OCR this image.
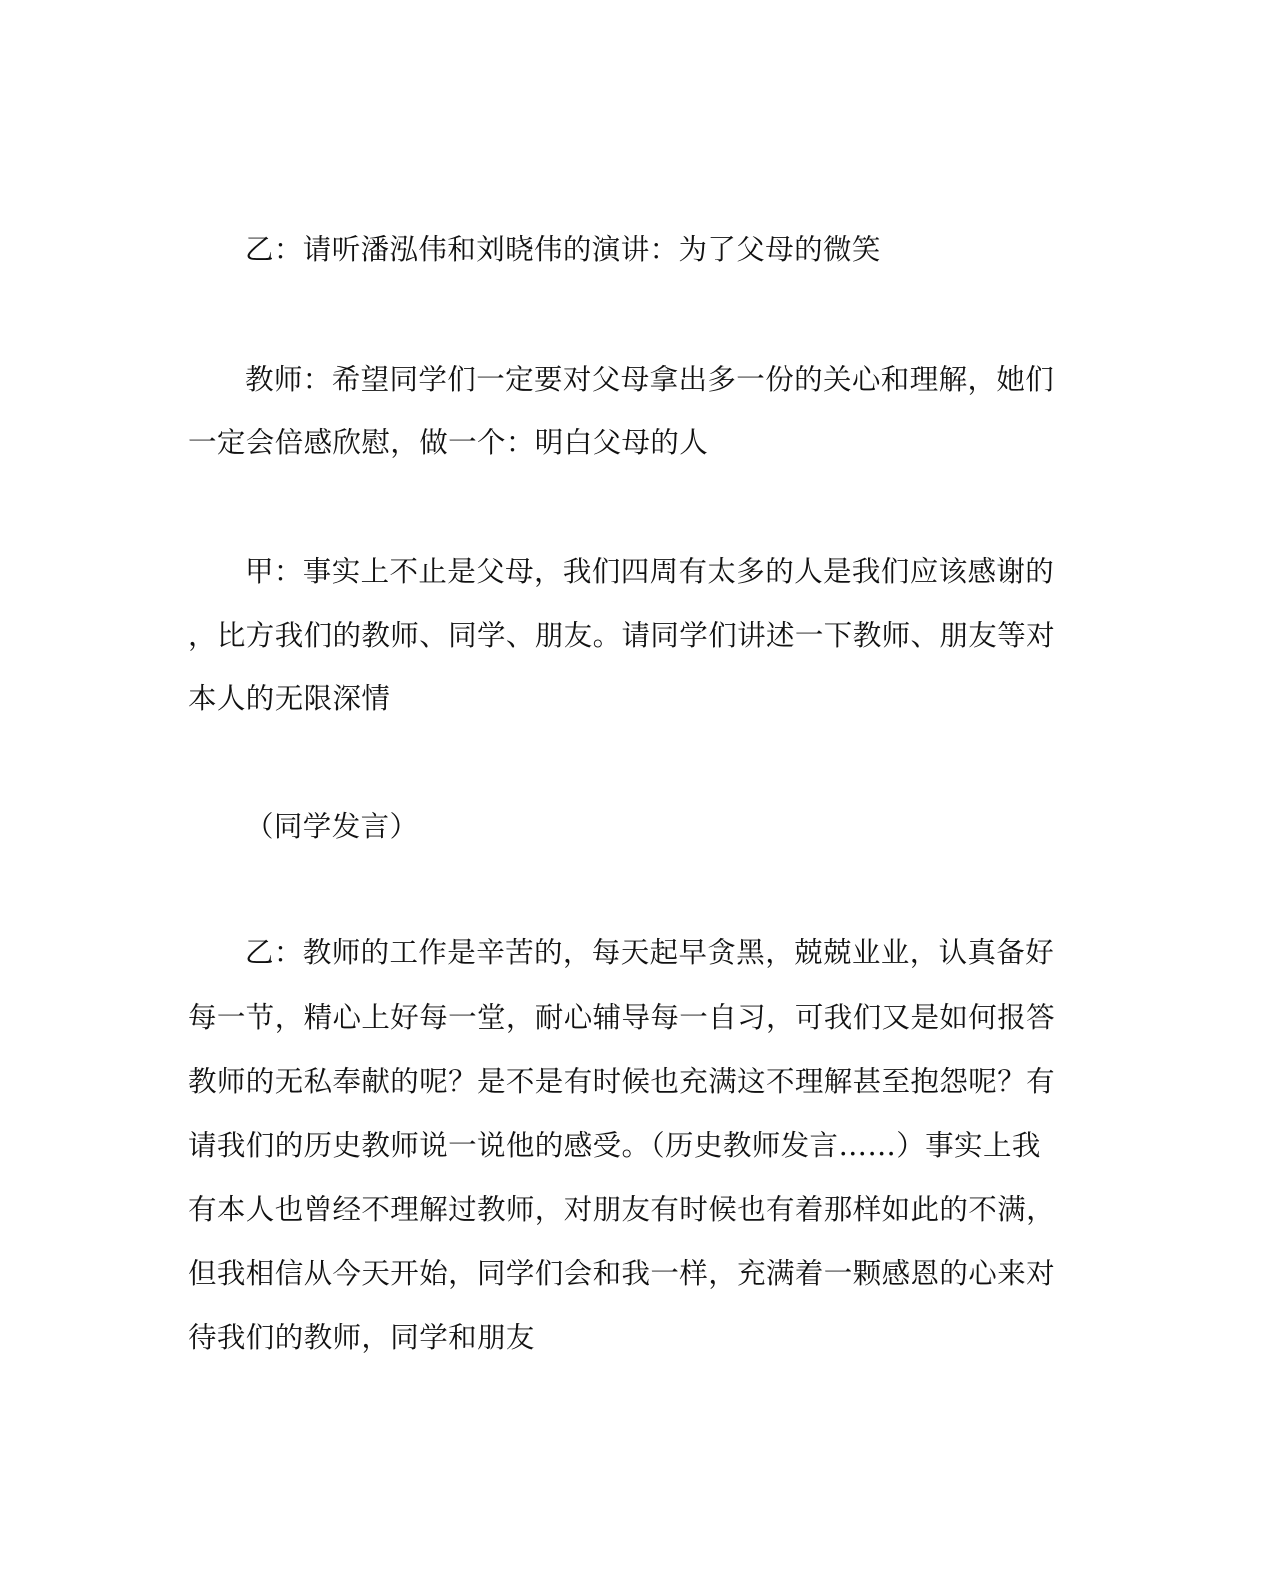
乙：请听潘泓伟和刘晓伟的演讲：为了父母的微笑
教师：希望同学们一定要对父母拿出多一份的关心和理解，她们
一定会倍感欣慰，做一个：明白父母的人
甲：事实上不止是父母，我们四周有太多的人是我们应该感谢的
，比方我们的教师、同学、朋友。请同学们讲述一下教师、朋友等对
本人的无限深情
（同学发言）
乙：教师的工作是辛苦的，每天起早贪黑，兢兢业业，认真备好
每一节，精心上好每一堂，耐心辅导每一自习，可我们又是如何报答
教师的无私奉献的呢？是不是有时候也充满这不理解甚至抱怨呢？有
请我们的历史教师说一说他的感受。（历史教师发言……）事实上我
有本人也曾经不理解过教师，对朋友有时候也有着那样如此的不满，
但我相信从今天开始，同学们会和我一样，充满着一颗感恩的心来对
待我们的教师，同学和朋友
